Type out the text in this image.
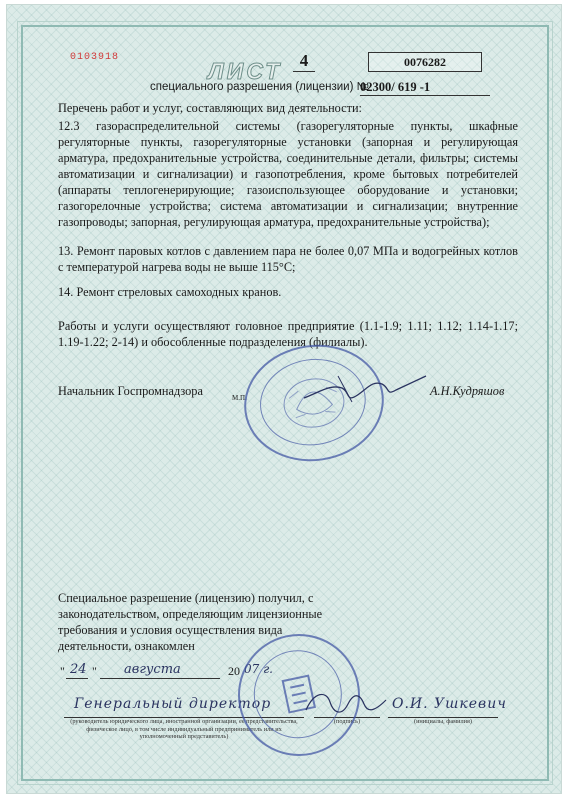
0103918
ЛИСТ	4	0076282
специального разрешения (лицензии) №
02300/ 619 -1
Перечень работ и услуг, составляющих вид деятельности:
12.3 газораспределительной системы (газорегуляторные пункты, шкафные регуляторные пункты, газорегуляторные установки (запорная и регулирующая арматура, предохранительные устройства, соединительные детали, фильтры; системы автоматизации и сигнализации) и газопотребления, кроме бытовых потребителей (аппараты теплогенерирующие; газоиспользующее оборудование и установки; газогорелочные устройства; система автоматизации и сигнализации; внутренние газопроводы; запорная, регулирующая арматура, предохранительные устройства);
13. Ремонт паровых котлов с давлением пара не более 0,07 МПа и водогрейных котлов с температурой нагрева воды не выше 115°С;
14. Ремонт стреловых самоходных кранов.
Работы и услуги осуществляют головное предприятие (1.1-1.9; 1.11; 1.12; 1.14-1.17; 1.19-1.22; 2-14) и обособленные подразделения (филиалы).
Начальник Госпромнадзора	М.П.	А.Н.Кудряшов
Специальное разрешение (лицензию) получил, с законодательством, определяющим лицензионные требования и условия осуществления вида деятельности, ознакомлен
" 24 " августа	20 07 г.
Генеральный директор	О.И. Ушкевич
(руководитель юридического лица, иностранной организации, ее представительства, физическое лицо, в том числе индивидуальный предприниматель или их уполномоченный представитель)
(подпись)	(инициалы, фамилия)
